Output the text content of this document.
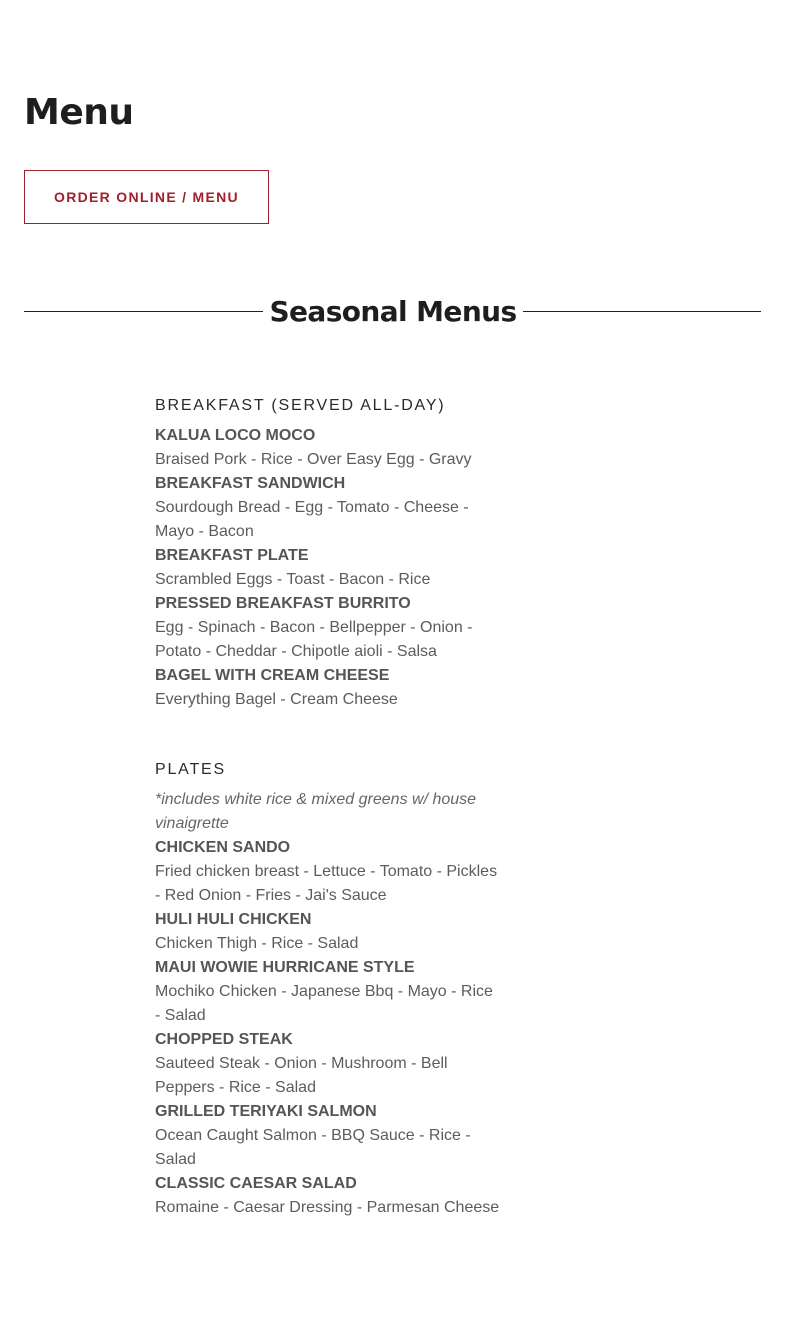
Menu
ORDER ONLINE / MENU
Seasonal Menus
BREAKFAST (SERVED ALL-DAY)

KALUA LOCO MOCO

Braised Pork - Rice - Over Easy Egg - Gravy

BREAKFAST SANDWICH

Sourdough Bread - Egg - Tomato - Cheese - Mayo - Bacon

BREAKFAST PLATE

Scrambled Eggs - Toast - Bacon - Rice

PRESSED BREAKFAST BURRITO

Egg - Spinach - Bacon - Bellpepper - Onion - Potato - Cheddar - Chipotle aioli - Salsa

BAGEL WITH CREAM CHEESE

Everything Bagel - Cream Cheese

PLATES

*includes white rice & mixed greens w/ house vinaigrette

CHICKEN SANDO

Fried chicken breast - Lettuce - Tomato - Pickles - Red Onion - Fries - Jai's Sauce

HULI HULI CHICKEN

Chicken Thigh - Rice - Salad

MAUI WOWIE HURRICANE STYLE

Mochiko Chicken - Japanese Bbq - Mayo - Rice - Salad

CHOPPED STEAK

Sauteed Steak - Onion - Mushroom - Bell Peppers - Rice - Salad

GRILLED TERIYAKI SALMON

Ocean Caught Salmon - BBQ Sauce - Rice - Salad

CLASSIC CAESAR SALAD

Romaine - Caesar Dressing - Parmesan Cheese
